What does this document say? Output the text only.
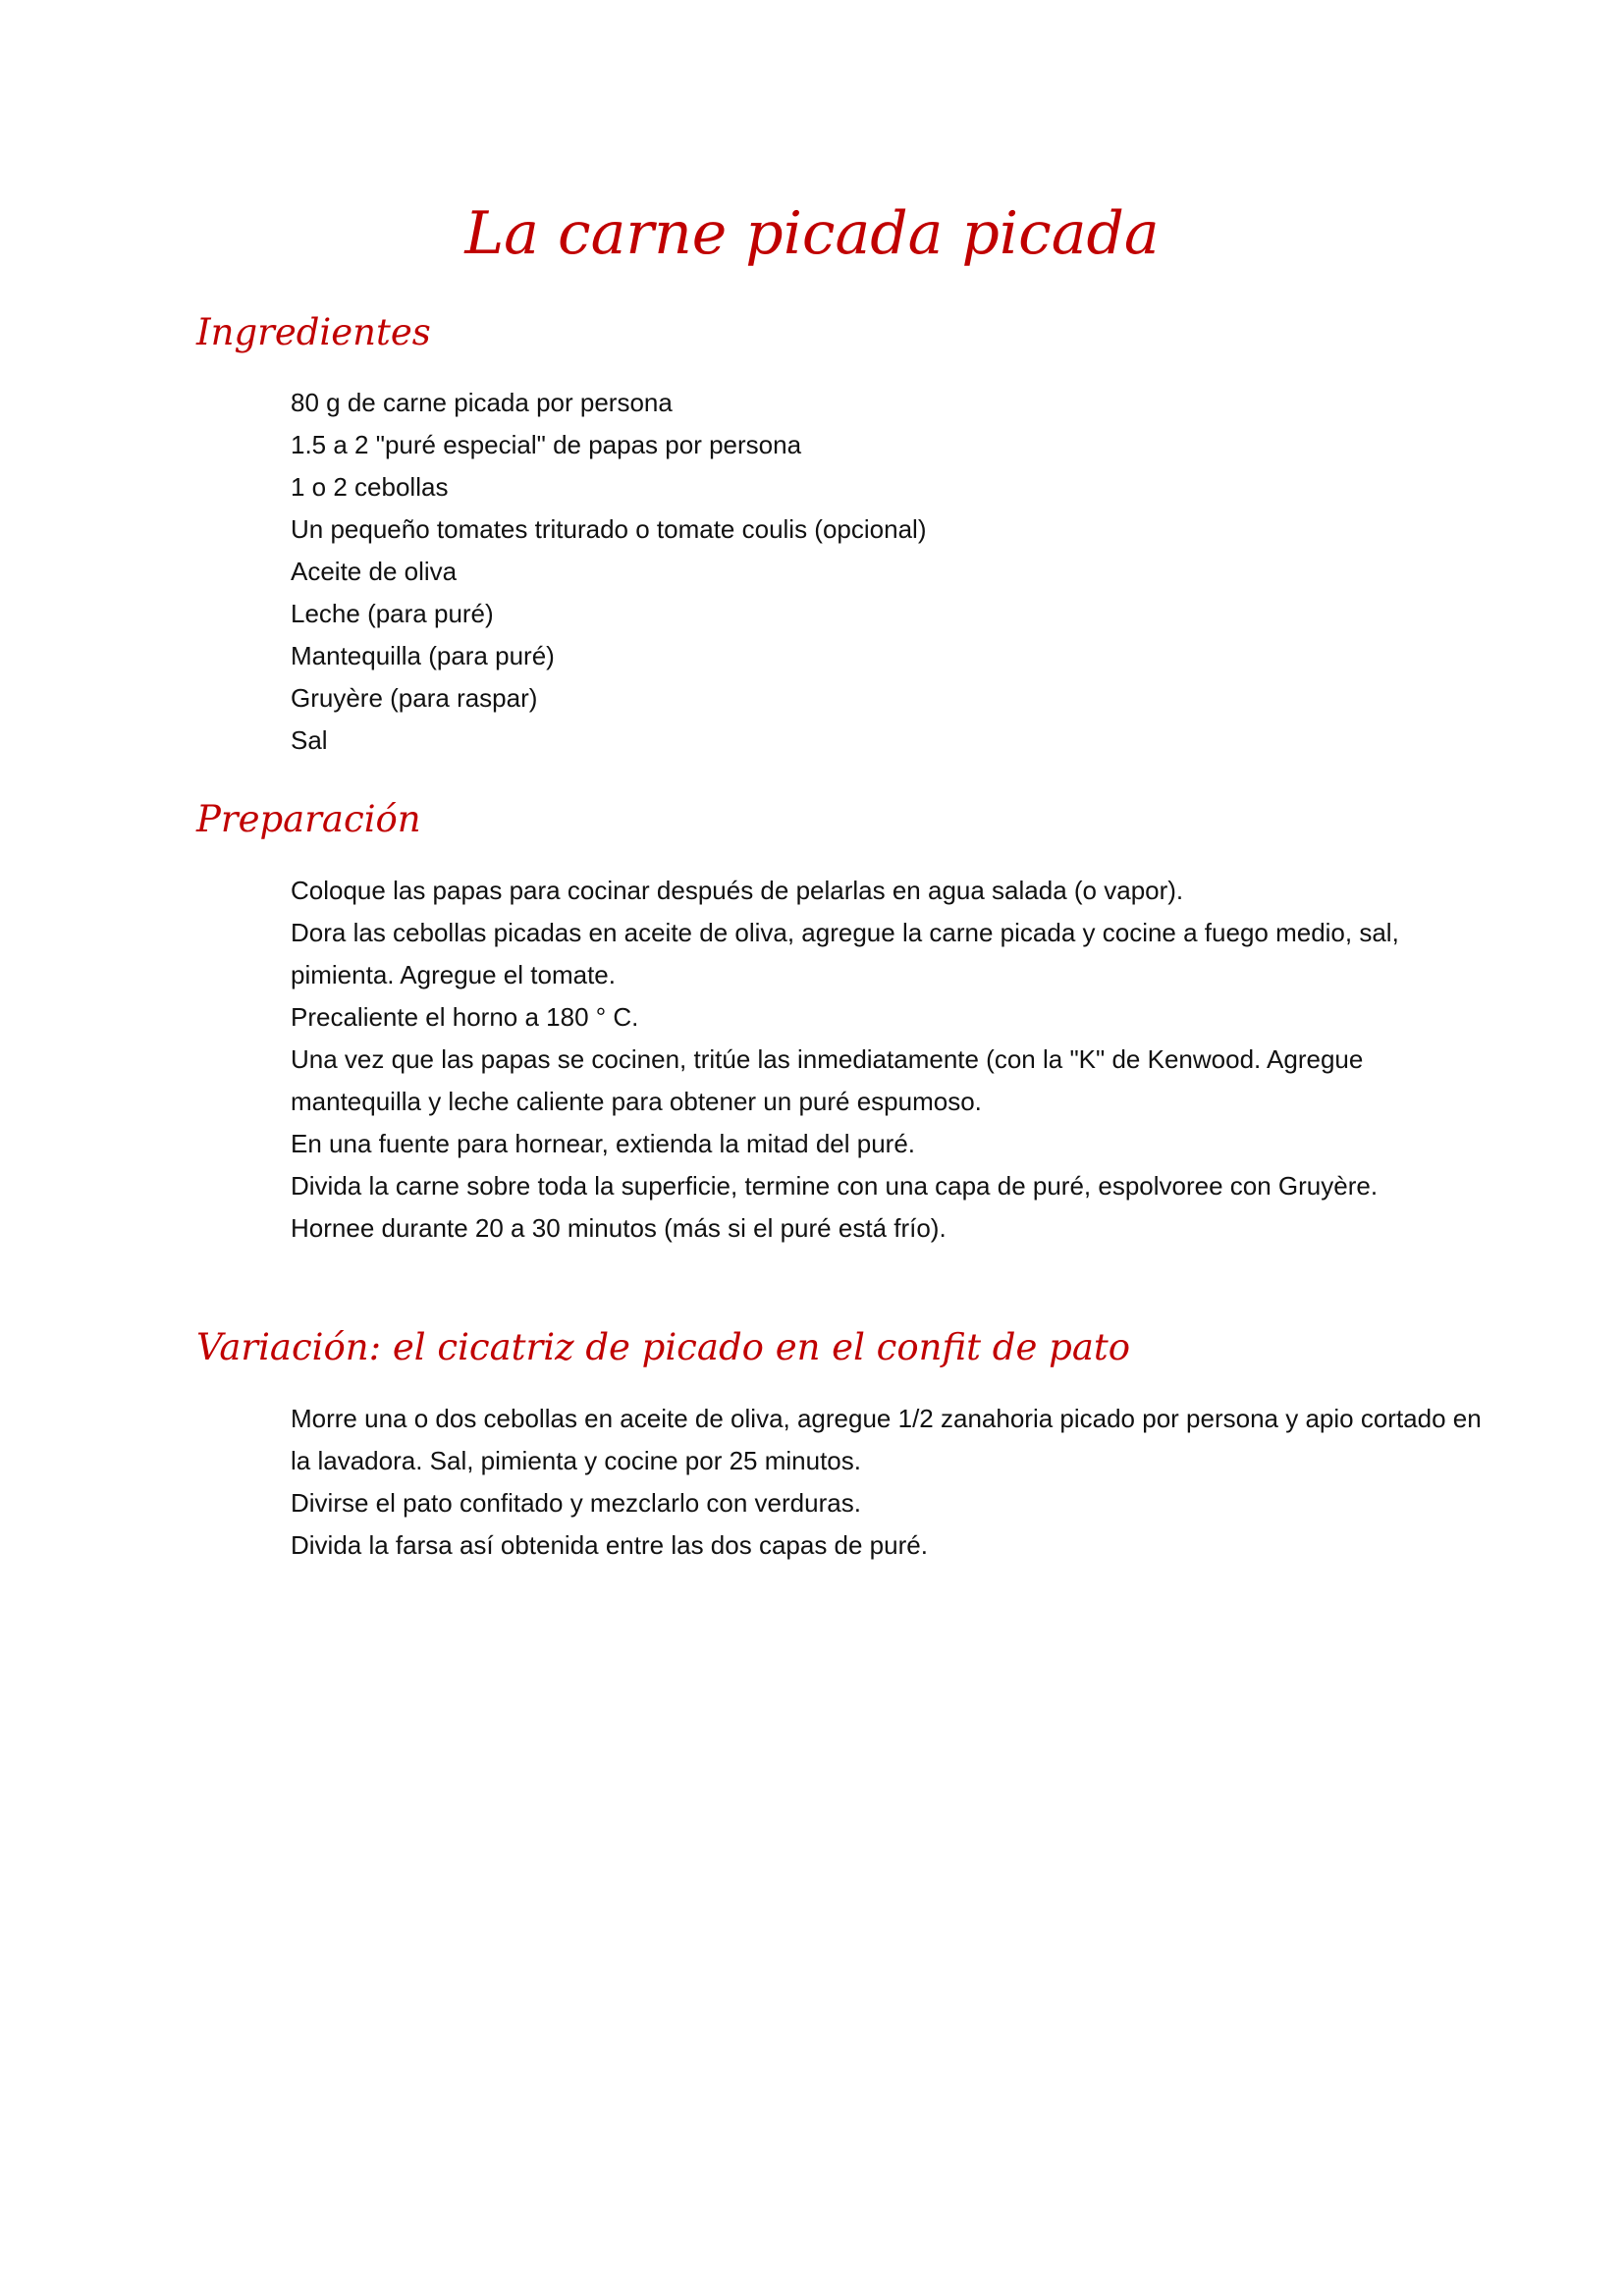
La carne picada picada
Ingredientes
80 g de carne picada por persona
1.5 a 2 "puré especial" de papas por persona
1 o 2 cebollas
Un pequeño tomates triturado o tomate coulis (opcional)
Aceite de oliva
Leche (para puré)
Mantequilla (para puré)
Gruyère (para raspar)
Sal
Preparación
Coloque las papas para cocinar después de pelarlas en agua salada (o vapor).
Dora las cebollas picadas en aceite de oliva, agregue la carne picada y cocine a fuego medio, sal, pimienta. Agregue el tomate.
Precaliente el horno a 180 ° C.
Una vez que las papas se cocinen, tritúe las inmediatamente (con la "K" de Kenwood. Agregue mantequilla y leche caliente para obtener un puré espumoso.
En una fuente para hornear, extienda la mitad del puré.
Divida la carne sobre toda la superficie, termine con una capa de puré, espolvoree con Gruyère.
Hornee durante 20 a 30 minutos (más si el puré está frío).
Variación: el cicatriz de picado en el confit de pato
Morre una o dos cebollas en aceite de oliva, agregue 1/2 zanahoria picado por persona y apio cortado en la lavadora. Sal, pimienta y cocine por 25 minutos.
Divirse el pato confitado y mezclarlo con verduras.
Divida la farsa así obtenida entre las dos capas de puré.
